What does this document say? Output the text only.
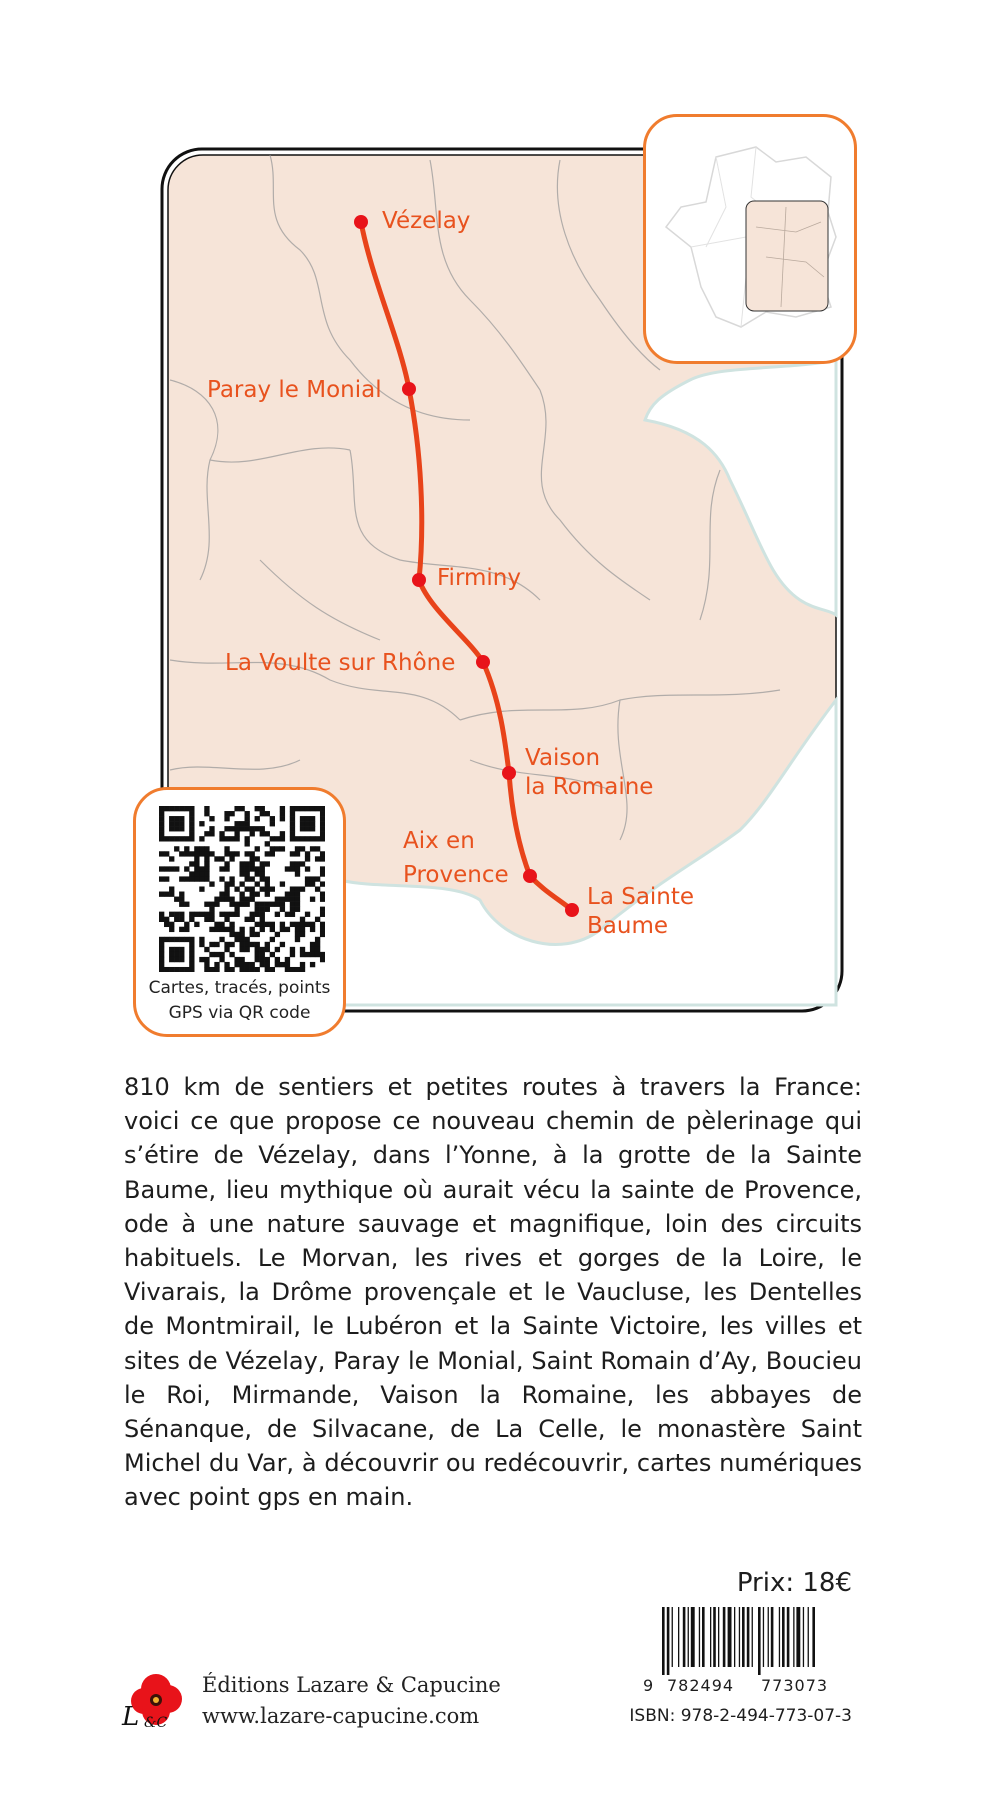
Vézelay
Paray le Monial
Firminy
La Voulte sur Rhône
Vaison
la Romaine
Aix en
Provence
La Sainte
Baume
Cartes, tracés, points
GPS via QR code

810 km de sentiers et petites routes à travers la France: voici ce que propose ce nouveau chemin de pèlerinage qui s’étire de Vézelay, dans l’Yonne, à la grotte de la Sainte Baume, lieu mythique où aurait vécu la sainte de Provence, ode à une nature sauvage et magnifique, loin des circuits habituels. Le Morvan, les rives et gorges de la Loire, le Vivarais, la Drôme provençale et le Vaucluse, les Dentelles de Montmirail, le Lubéron et la Sainte Victoire, les villes et sites de Vézelay, Paray le Monial, Saint Romain d’Ay, Boucieu le Roi, Mirmande, Vaison la Romaine, les abbayes de Sénanque, de Silvacane, de La Celle, le monastère Saint Michel du Var, à découvrir ou redécouvrir, cartes numériques avec point gps en main.

Prix: 18€
9 782494 773073
ISBN: 978-2-494-773-07-3
L &C
Éditions Lazare & Capucine
www.lazare-capucine.com
